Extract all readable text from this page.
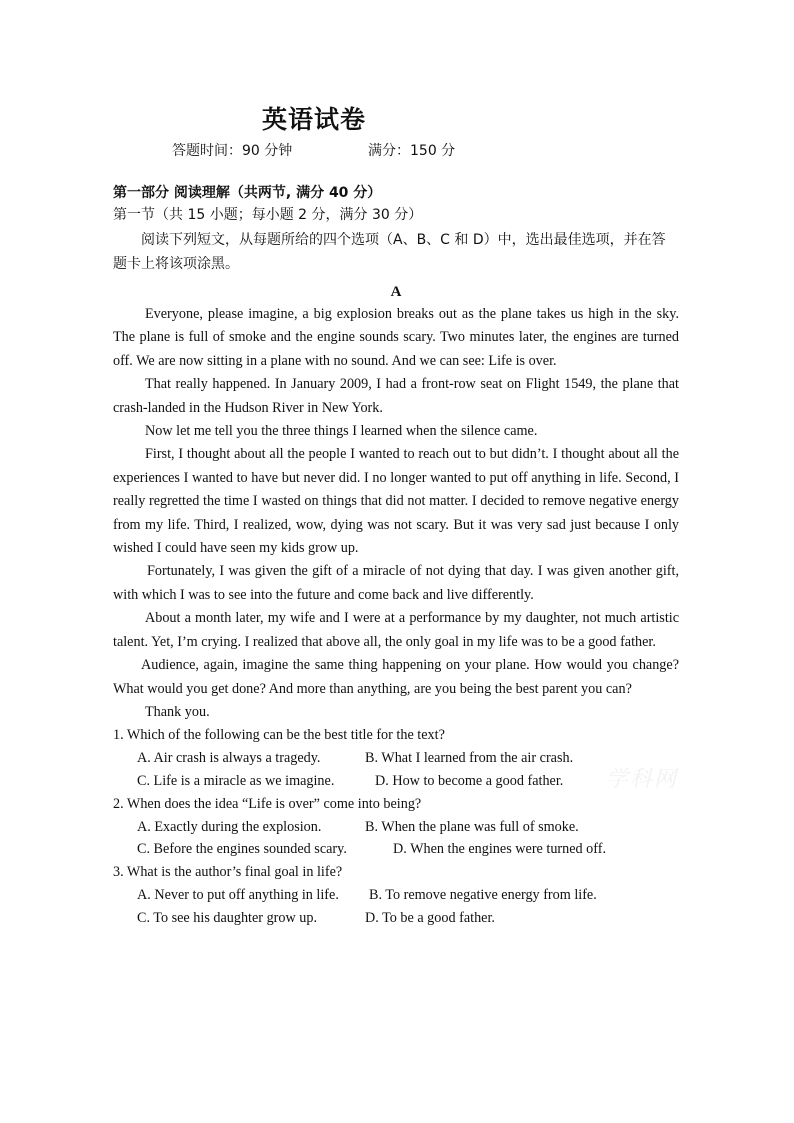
英语试卷
答题时间：90 分钟	满分：150 分
第一部分 阅读理解（共两节, 满分 40 分）
第一节（共 15 小题；每小题 2 分，满分 30 分）
阅读下列短文，从每题所给的四个选项（A、B、C 和 D）中，选出最佳选项，并在答题卡上将该项涂黑。
A

Everyone, please imagine, a big explosion breaks out as the plane takes us high in the sky. The plane is full of smoke and the engine sounds scary. Two minutes later, the engines are turned off. We are now sitting in a plane with no sound. And we can see: Life is over.

That really happened. In January 2009, I had a front-row seat on Flight 1549, the plane that crash-landed in the Hudson River in New York.

Now let me tell you the three things I learned when the silence came.

First, I thought about all the people I wanted to reach out to but didn’t. I thought about all the experiences I wanted to have but never did. I no longer wanted to put off anything in life. Second, I really regretted the time I wasted on things that did not matter. I decided to remove negative energy from my life. Third, I realized, wow, dying was not scary. But it was very sad just because I only wished I could have seen my kids grow up.

Fortunately, I was given the gift of a miracle of not dying that day. I was given another gift, with which I was to see into the future and come back and live differently.

About a month later, my wife and I were at a performance by my daughter, not much artistic talent. Yet, I’m crying. I realized that above all, the only goal in my life was to be a good father.

Audience, again, imagine the same thing happening on your plane. How would you change? What would you get done? And more than anything, are you being the best parent you can?

Thank you.

1. Which of the following can be the best title for the text?

A. Air crash is always a tragedy.	B. What I learned from the air crash.
C. Life is a miracle as we imagine.	D. How to become a good father.

2. When does the idea “Life is over” come into being?

A. Exactly during the explosion.	B. When the plane was full of smoke.
C. Before the engines sounded scary.	D. When the engines were turned off.

3. What is the author’s final goal in life?

A. Never to put off anything in life. B. To remove negative energy from life.
C. To see his daughter grow up.	D. To be a good father.
学科网
